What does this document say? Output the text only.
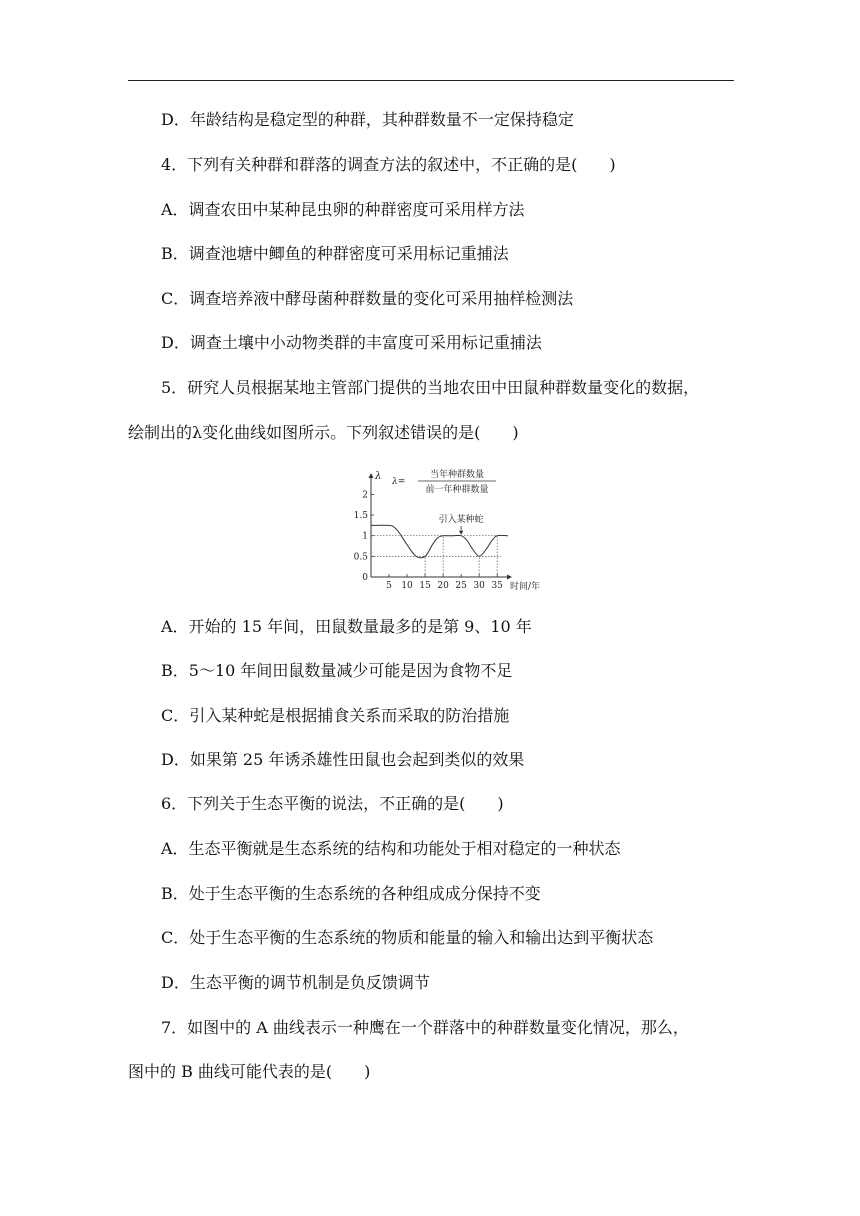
D．年龄结构是稳定型的种群，其种群数量不一定保持稳定
4．下列有关种群和群落的调查方法的叙述中，不正确的是(　　)
A．调查农田中某种昆虫卵的种群密度可采用样方法
B．调查池塘中鲫鱼的种群密度可采用标记重捕法
C．调查培养液中酵母菌种群数量的变化可采用抽样检测法
D．调查土壤中小动物类群的丰富度可采用标记重捕法
5．研究人员根据某地主管部门提供的当地农田中田鼠种群数量变化的数据，
绘制出的λ变化曲线如图所示。下列叙述错误的是(　　)
0
0.5
1
1.5
2
5 10 15 20 25 30 35
λ
时间/年
λ=
当年种群数量
前一年种群数量
引入某种蛇
A．开始的 15 年间，田鼠数量最多的是第 9、10 年
B．5～10 年间田鼠数量减少可能是因为食物不足
C．引入某种蛇是根据捕食关系而采取的防治措施
D．如果第 25 年诱杀雄性田鼠也会起到类似的效果
6．下列关于生态平衡的说法，不正确的是(　　)
A．生态平衡就是生态系统的结构和功能处于相对稳定的一种状态
B．处于生态平衡的生态系统的各种组成成分保持不变
C．处于生态平衡的生态系统的物质和能量的输入和输出达到平衡状态
D．生态平衡的调节机制是负反馈调节
7．如图中的 A 曲线表示一种鹰在一个群落中的种群数量变化情况，那么，
图中的 B 曲线可能代表的是(　　)
